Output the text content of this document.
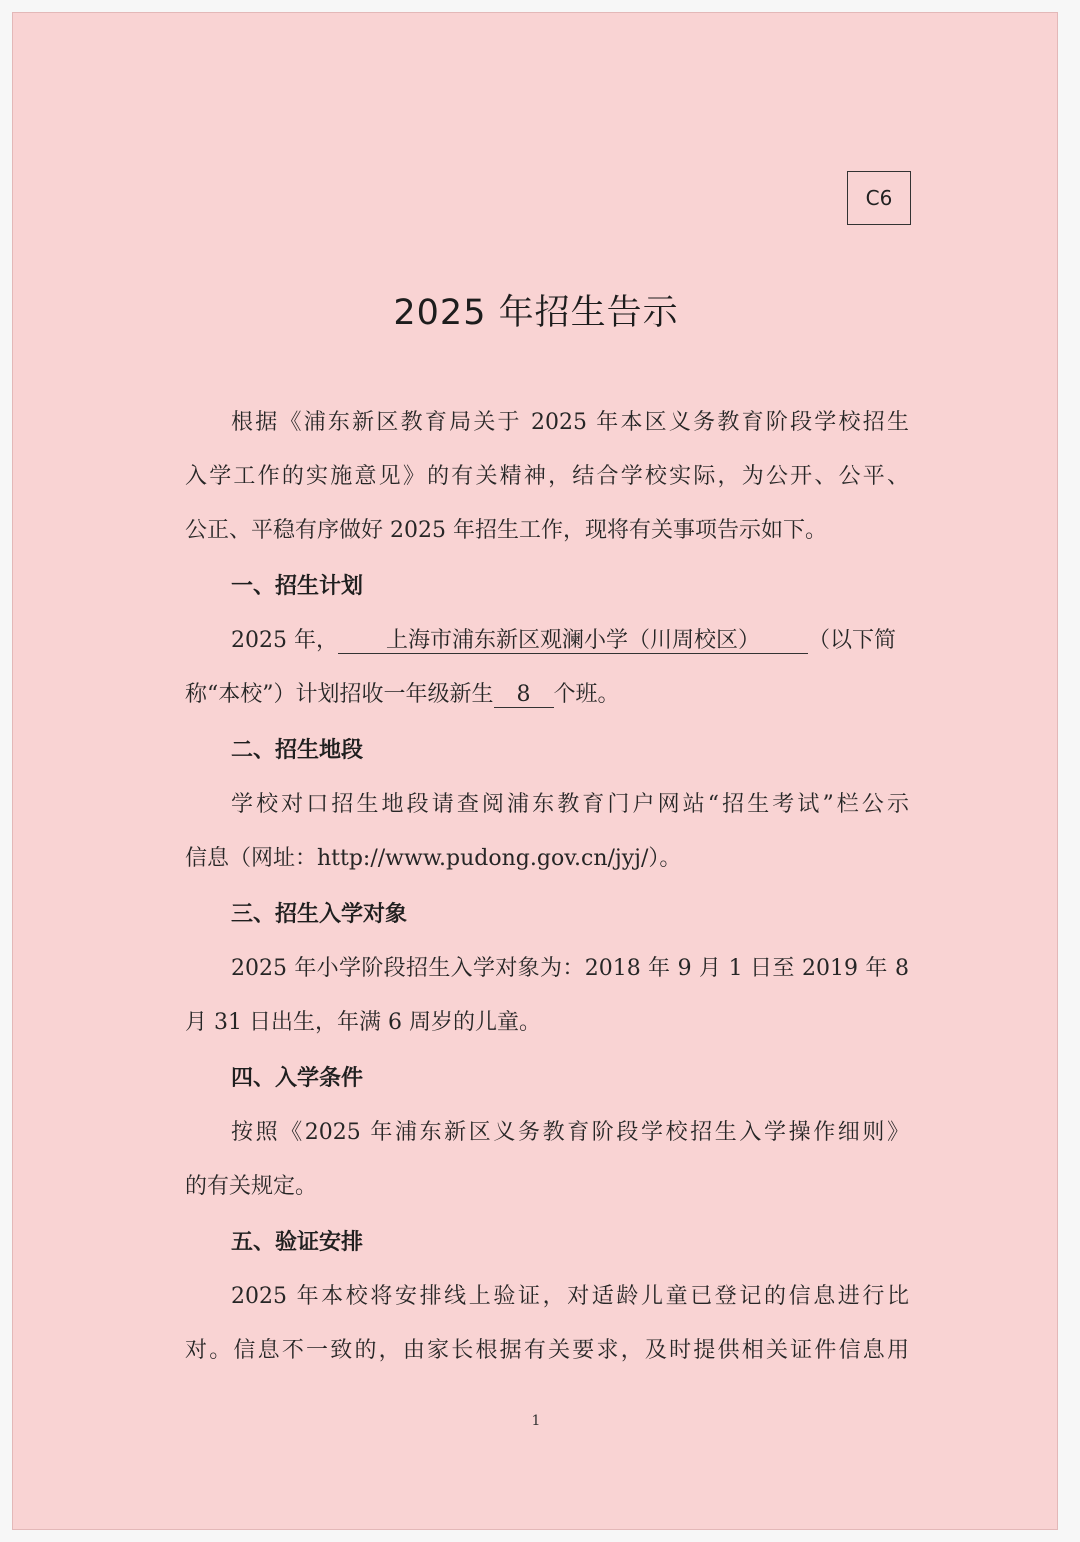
C6
2025 年招生告示
根据《浦东新区教育局关于 2025 年本区义务教育阶段学校招生
入学工作的实施意见》的有关精神，结合学校实际，为公开、公平、
公正、平稳有序做好 2025 年招生工作，现将有关事项告示如下。
一、招生计划
2025 年， 上海市浦东新区观澜小学（川周校区） （以下简
称“本校”）计划招收一年级新生 8 个班。
二、招生地段
学校对口招生地段请查阅浦东教育门户网站“招生考试”栏公示
信息（网址：http://www.pudong.gov.cn/jyj/）。
三、招生入学对象
2025 年小学阶段招生入学对象为：2018 年 9 月 1 日至 2019 年 8
月 31 日出生，年满 6 周岁的儿童。
四、入学条件
按照《2025 年浦东新区义务教育阶段学校招生入学操作细则》
的有关规定。
五、验证安排
2025 年本校将安排线上验证，对适龄儿童已登记的信息进行比
对。信息不一致的，由家长根据有关要求，及时提供相关证件信息用
1
